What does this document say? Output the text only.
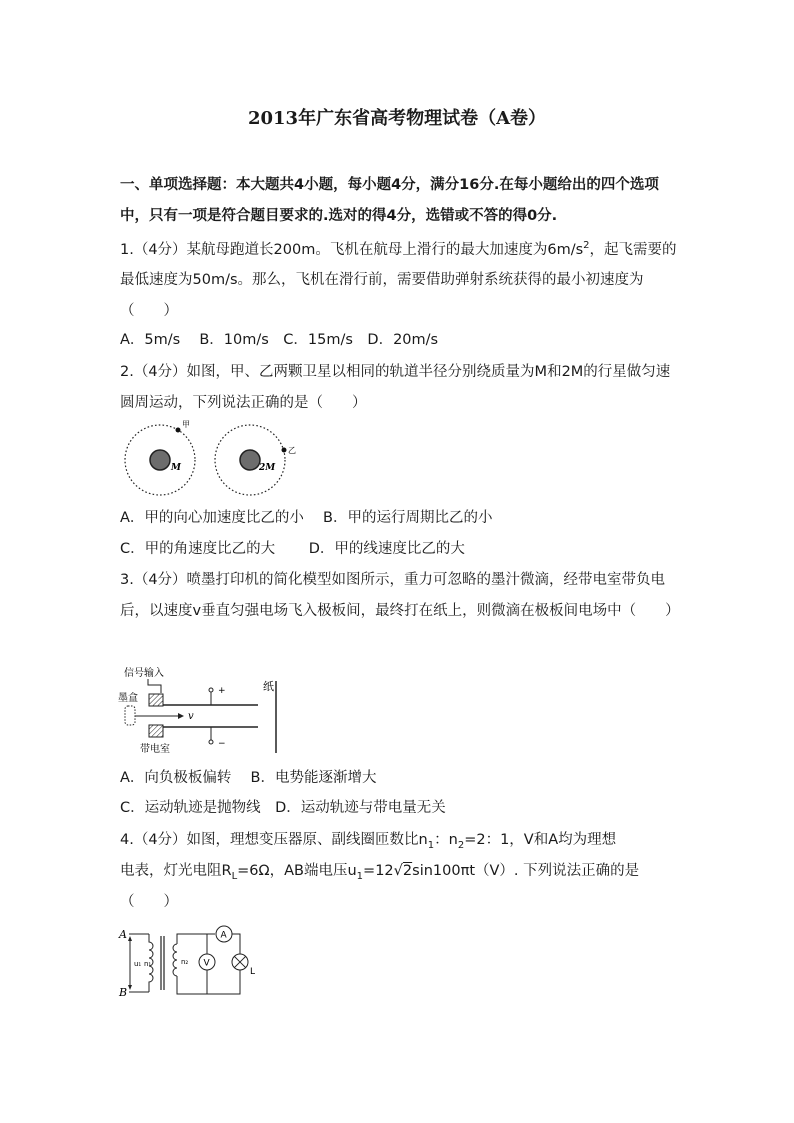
2013年广东省高考物理试卷（A卷）
一、单项选择题：本大题共4小题，每小题4分，满分16分.在每小题给出的四个选项中，只有一项是符合题目要求的.选对的得4分，选错或不答的得0分.
1.（4分）某航母跑道长200m。飞机在航母上滑行的最大加速度为$6m/s^2$，起飞需要的最低速度为50m/s。那么，飞机在滑行前，需要借助弹射系统获得的最小初速度为（　　）
A．5m/s　 B．10m/s　C．15m/s　D．20m/s
2.（4分）如图，甲、乙两颗卫星以相同的轨道半径分别绕质量为M和2M的行星做匀速圆周运动，下列说法正确的是（　　）
M
甲
2M
乙
A．甲的向心加速度比乙的小　 B．甲的运行周期比乙的小
C．甲的角速度比乙的大　　 D．甲的线速度比乙的大
3.（4分）喷墨打印机的简化模型如图所示，重力可忽略的墨汁微滴，经带电室带负电后，以速度v垂直匀强电场飞入极板间，最终打在纸上，则微滴在极板间电场中（　　）
信号输入
墨盒
v
带电室
+
−
纸
A．向负极板偏转　 B．电势能逐渐增大
C．运动轨迹是抛物线　D．运动轨迹与带电量无关
4.（4分）如图，理想变压器原、副线圈匝数比$n_1$：$n_2=2$：1，V和A均为理想
电表，灯光电阻$R_L=6\Omega$，AB端电压$u_1=12√2\sin 100\pi t(V)$. 下列说法正确的是
（　　）
A
B
u₁ n₁	n₂
A
V
L
